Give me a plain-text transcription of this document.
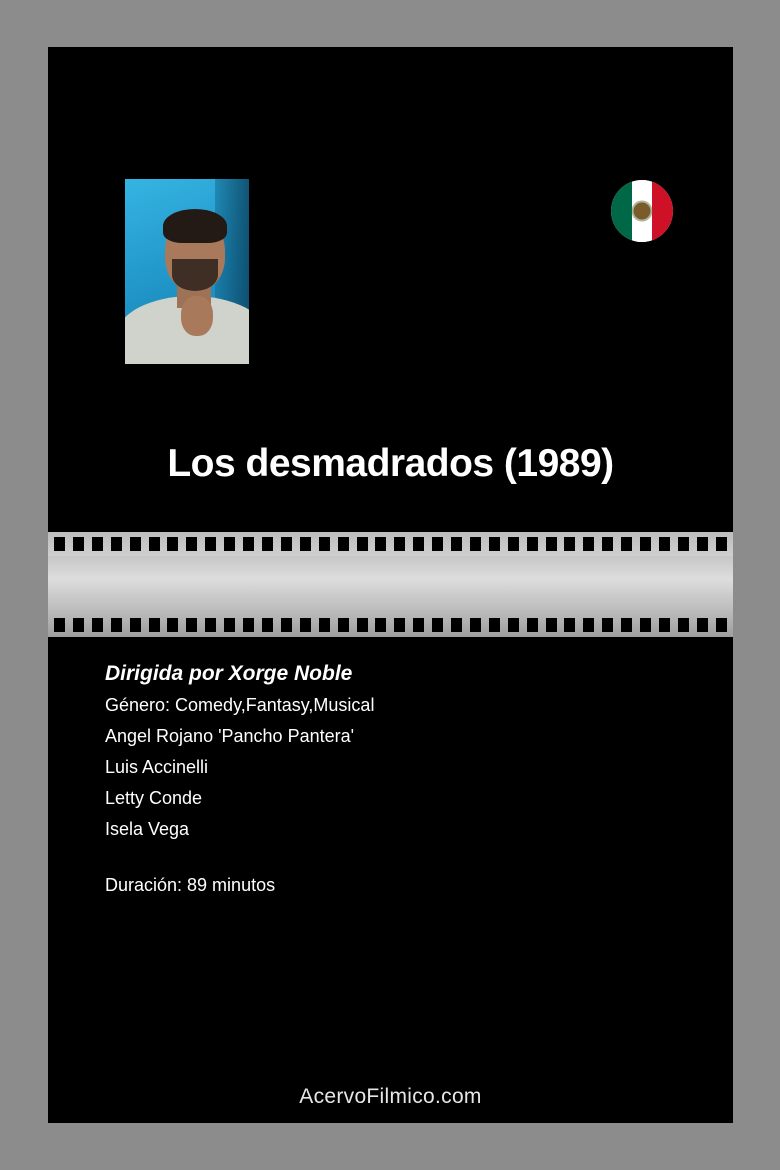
Los desmadrados (1989)

Dirigida por Xorge Noble

Género: Comedy,Fantasy,Musical

Angel Rojano 'Pancho Pantera'

Luis Accinelli

Letty Conde

Isela Vega

Duración: 89 minutos

AcervoFilmico.com
